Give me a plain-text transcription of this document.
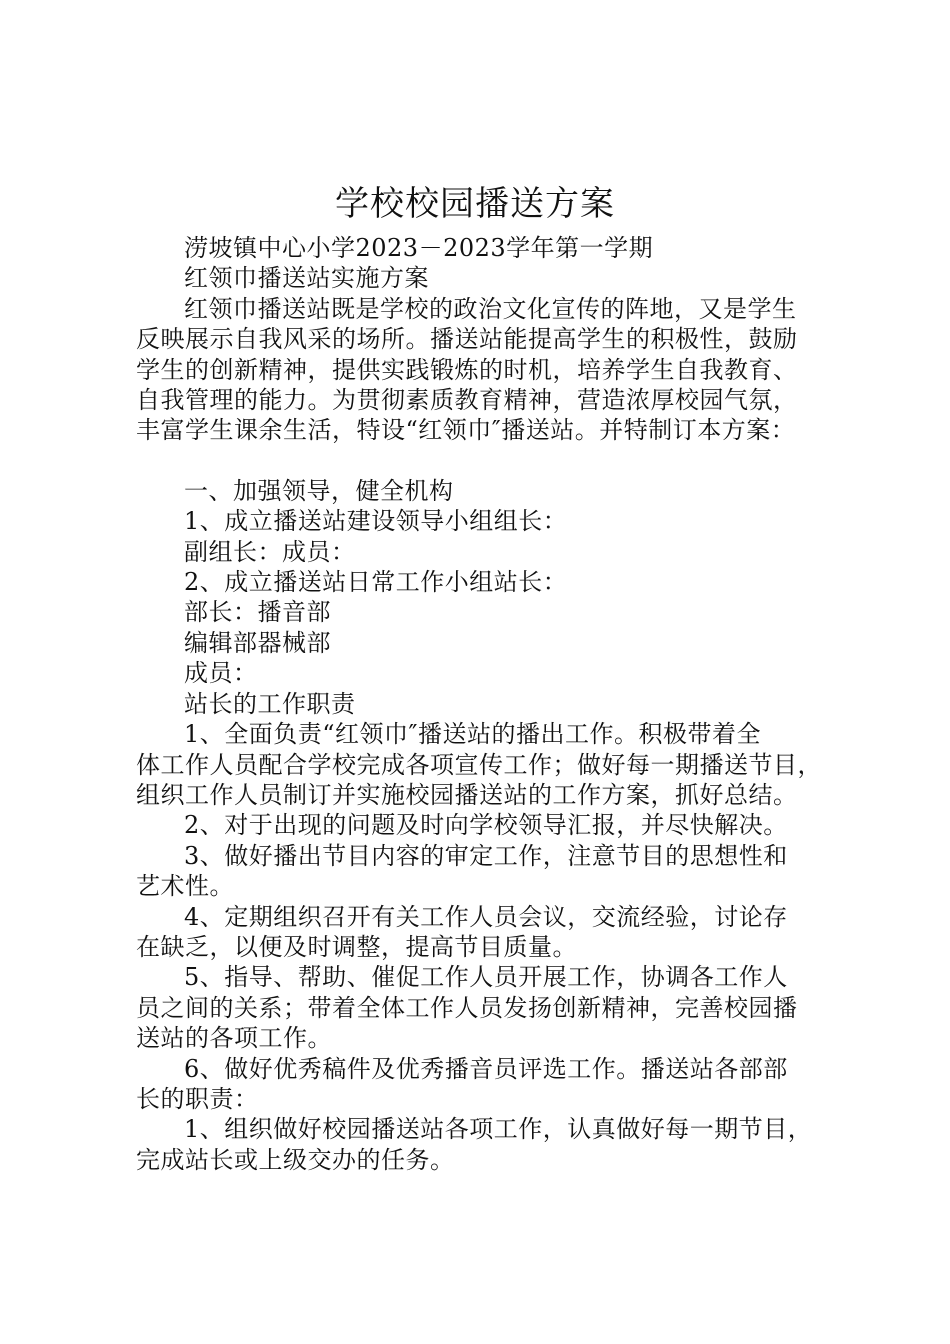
学校校园播送方案

涝坡镇中心小学2023－2023学年第一学期

红领巾播送站实施方案

红领巾播送站既是学校的政治文化宣传的阵地，又是学生

反映展示自我风采的场所。播送站能提高学生的积极性，鼓励

学生的创新精神，提供实践锻炼的时机，培养学生自我教育、

自我管理的能力。为贯彻素质教育精神，营造浓厚校园气氛，

丰富学生课余生活，特设“红领巾″播送站。并特制订本方案：

一、加强领导，健全机构

1、成立播送站建设领导小组组长：

副组长：成员：

2、成立播送站日常工作小组站长：

部长：播音部

编辑部器械部

成员：

站长的工作职责

1、全面负责“红领巾″播送站的播出工作。积极带着全

体工作人员配合学校完成各项宣传工作；做好每一期播送节目，

组织工作人员制订并实施校园播送站的工作方案，抓好总结。

2、对于出现的问题及时向学校领导汇报，并尽快解决。

3、做好播出节目内容的审定工作，注意节目的思想性和

艺术性。

4、定期组织召开有关工作人员会议，交流经验，讨论存

在缺乏，以便及时调整，提高节目质量。

5、指导、帮助、催促工作人员开展工作，协调各工作人

员之间的关系；带着全体工作人员发扬创新精神，完善校园播

送站的各项工作。

6、做好优秀稿件及优秀播音员评选工作。播送站各部部

长的职责：

1、组织做好校园播送站各项工作，认真做好每一期节目，

完成站长或上级交办的任务。
